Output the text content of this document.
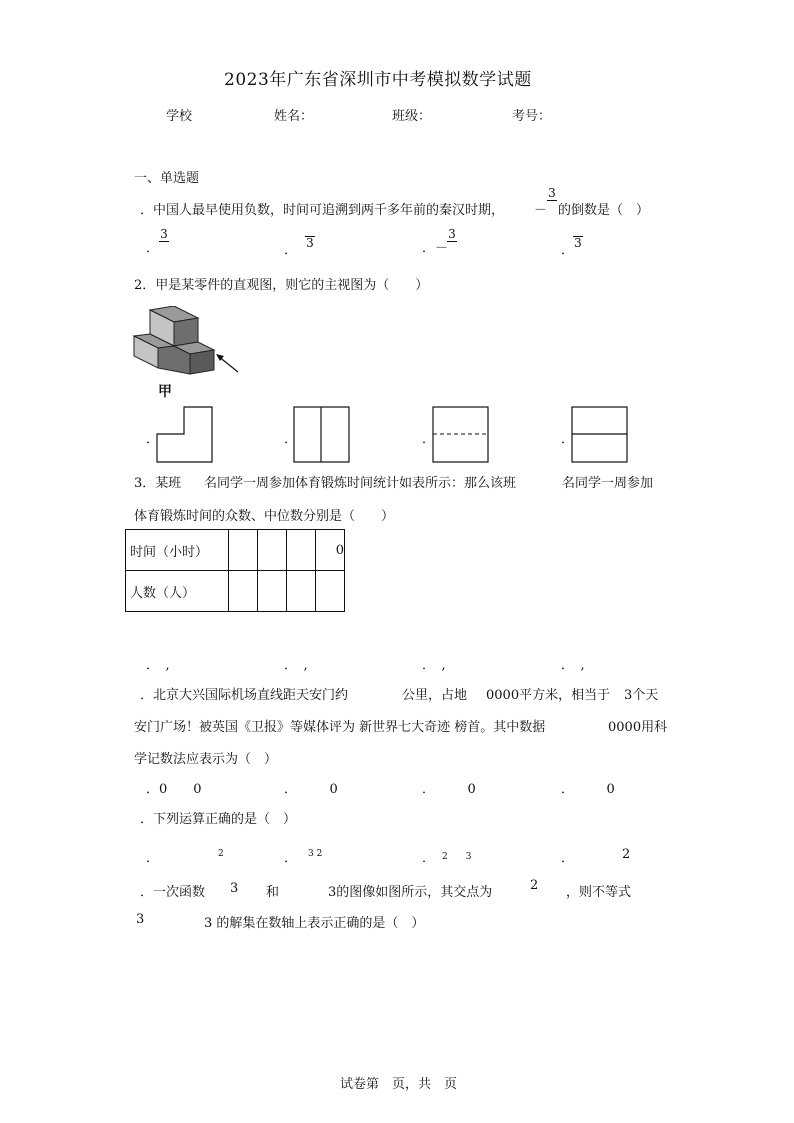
2023年广东省深圳市中考模拟数学试题
学校	姓名：	班级：	考号：
一、单选题
．中国人最早使用负数，时间可追溯到两千多年前的秦汉时期， －
3

的倒数是（　）
．
3
． 3	．－
3
． 3
2．甲是某零件的直观图，则它的主视图为（　　）
甲
．	．	．	．
3．某班 名同学一周参加体育锻炼时间统计如表所示：那么该班	名同学一周参加
体育锻炼时间的众数、中位数分别是（　　）
时间（小时）				0
人数（人）				
．　,	．　,	．　,	．　,
．北京大兴国际机场直线距天安门约	公里，占地 0000平方米，相当于 3个天
安门广场！被英国《卫报》等媒体评为 新世界七大奇迹 榜首。其中数据	0000用科
学记数法应表示为（　）
．0　　0	．　　　0	．　　　0	．　　　0
．下列运算正确的是（　）
．	2	． 3 2	． 2　　3	．	2
．一次函数 3 和	3的图像如图所示，其交点为	2 ，则不等式
3	3 的解集在数轴上表示正确的是（　）
试卷第　页，共　页
